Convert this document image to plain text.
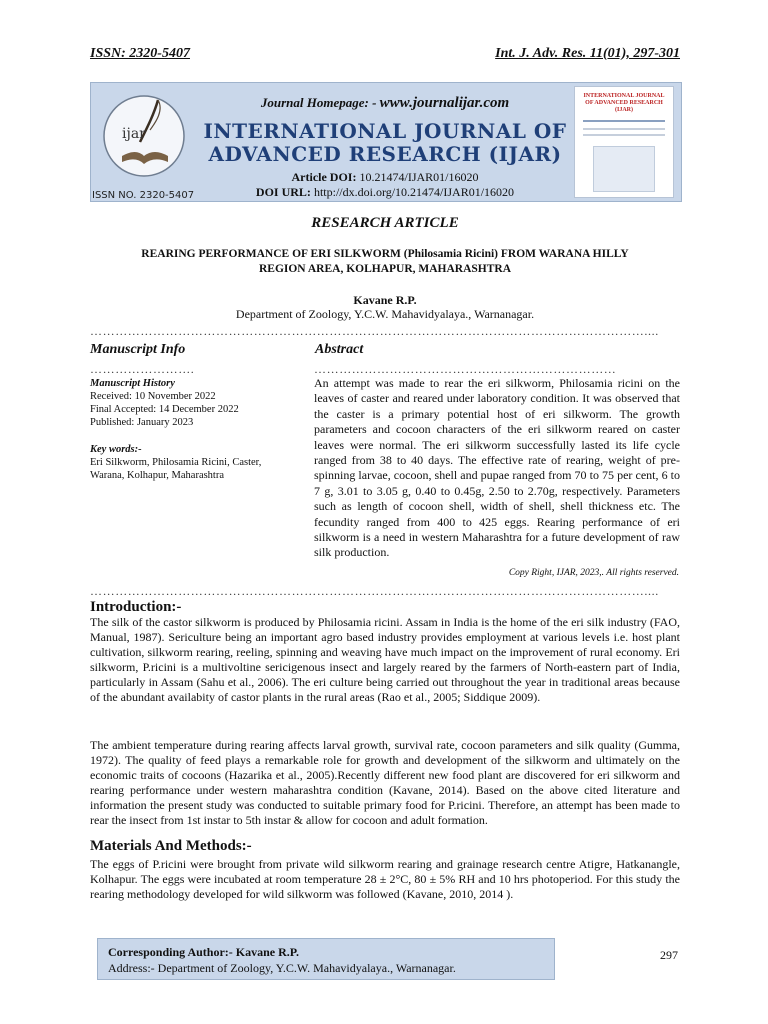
ISSN: 2320-5407	Int. J. Adv. Res. 11(01), 297-301
ijar
ISSN NO. 2320-5407
Journal Homepage: - www.journalijar.com
INTERNATIONAL JOURNAL OF
ADVANCED RESEARCH (IJAR)
Article DOI: 10.21474/IJAR01/16020
DOI URL: http://dx.doi.org/10.21474/IJAR01/16020
INTERNATIONAL JOURNAL OF ADVANCED RESEARCH (IJAR)
RESEARCH ARTICLE
REARING PERFORMANCE OF ERI SILKWORM (Philosamia Ricini) FROM WARANA HILLY
REGION AREA, KOLHAPUR, MAHARASHTRA
Kavane R.P.
Department of Zoology, Y.C.W. Mahavidyalaya., Warnanagar.
……………………………………………………………………………………………………………………....
Manuscript Info
…………………….
Manuscript History
Received: 10 November 2022
Final Accepted: 14 December 2022
Published: January 2023
Key words:-
Eri Silkworm, Philosamia Ricini, Caster,
Warana, Kolhapur, Maharashtra
Abstract
………………………………………………………………
An attempt was made to rear the eri silkworm, Philosamia ricini on the leaves of caster and reared under laboratory condition. It was observed that the caster is a primary potential host of eri silkworm. The growth parameters and cocoon characters of the eri silkworm reared on caster leaves were normal. The eri silkworm successfully lasted its life cycle ranged from 38 to 40 days. The effective rate of rearing, weight of pre-spinning larvae, cocoon, shell and pupae ranged from 70 to 75 per cent, 6 to 7 g, 3.01 to 3.05 g, 0.40 to 0.45g, 2.50 to 2.70g, respectively. Parameters such as length of cocoon shell, width of shell, shell thickness etc. The fecundity ranged from 400 to 425 eggs. Rearing performance of eri silkworm is a need in western Maharashtra for a future development of raw silk production.
Copy Right, IJAR, 2023,. All rights reserved.
……………………………………………………………………………………………………………………....
Introduction:-
The silk of the castor silkworm is produced by Philosamia ricini. Assam in India is the home of the eri silk industry (FAO, Manual, 1987). Sericulture being an important agro based industry provides employment at various levels i.e. host plant cultivation, silkworm rearing, reeling, spinning and weaving have much impact on the improvement of rural economy. Eri silkworm, P.ricini is a multivoltine sericigenous insect and largely reared by the farmers of North-eastern part of India, particularly in Assam (Sahu et al., 2006). The eri culture being carried out throughout the year in traditional areas because of the abundant availabity of castor plants in the rural areas (Rao et al., 2005; Siddique 2009).
The ambient temperature during rearing affects larval growth, survival rate, cocoon parameters and silk quality (Gumma, 1972). The quality of feed plays a remarkable role for growth and development of the silkworm and ultimately on the economic traits of cocoons (Hazarika et al., 2005).Recently different new food plant are discovered for eri silkworm and rearing performance under western maharashtra condition (Kavane, 2014). Based on the above cited literature and information the present study was conducted to suitable primary food for P.ricini. Therefore, an attempt has been made to rear the insect from 1st instar to 5th instar & allow for cocoon and adult formation.
Materials And Methods:-
The eggs of P.ricini were brought from private wild silkworm rearing and grainage research centre Atigre, Hatkanangle, Kolhapur. The eggs were incubated at room temperature 28 ± 2°C, 80 ± 5% RH and 10 hrs photoperiod. For this study the rearing methodology developed for wild silkworm was followed (Kavane, 2010, 2014 ).
Corresponding Author:- Kavane R.P.
Address:- Department of Zoology, Y.C.W. Mahavidyalaya., Warnanagar.
297
